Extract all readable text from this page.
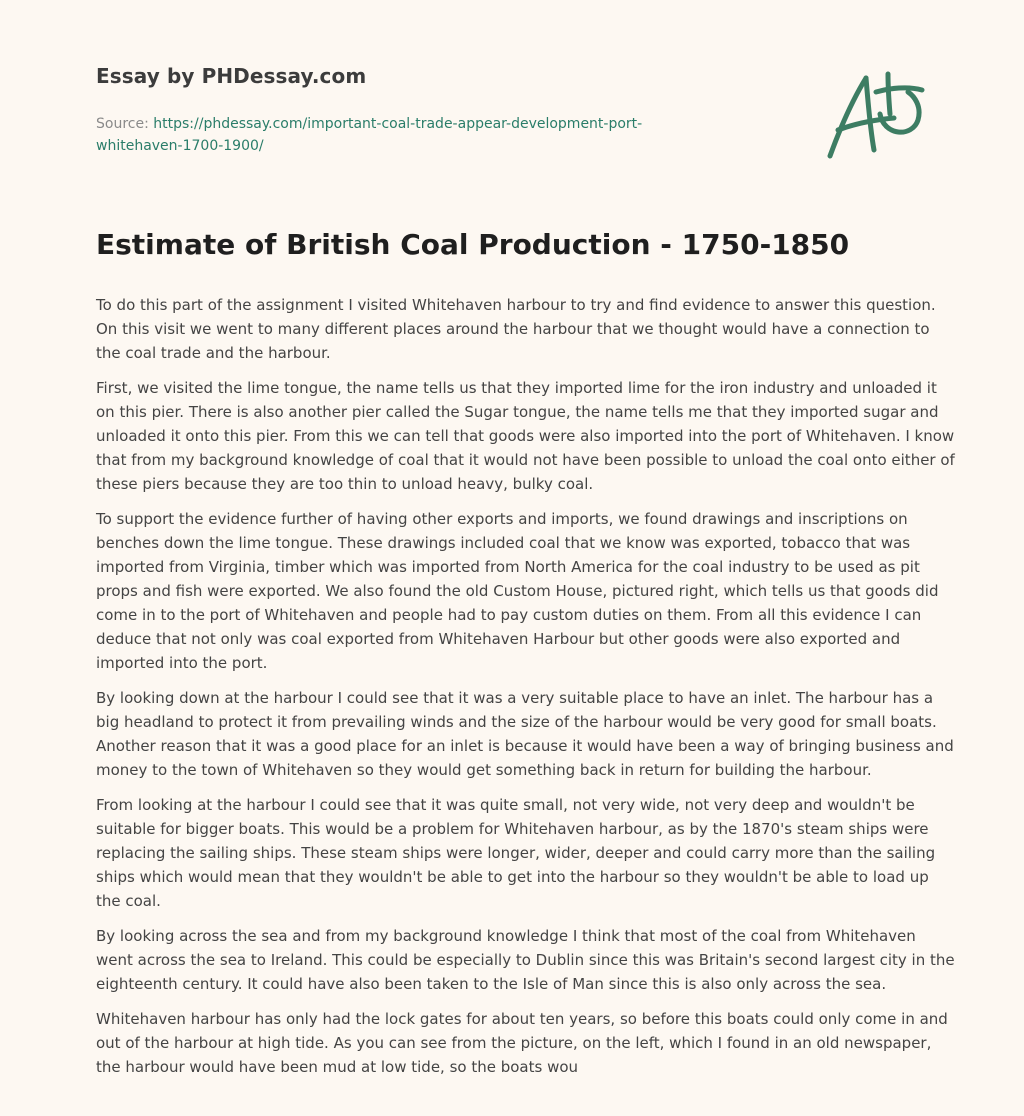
Essay by PHDessay.com
Source: https://phdessay.com/important-coal-trade-appear-development-port-whitehaven-1700-1900/
Estimate of British Coal Production - 1750-1850

To do this part of the assignment I visited Whitehaven harbour to try and find evidence to answer this question. On this visit we went to many different places around the harbour that we thought would have a connection to the coal trade and the harbour.

First, we visited the lime tongue, the name tells us that they imported lime for the iron industry and unloaded it on this pier. There is also another pier called the Sugar tongue, the name tells me that they imported sugar and unloaded it onto this pier. From this we can tell that goods were also imported into the port of Whitehaven. I know that from my background knowledge of coal that it would not have been possible to unload the coal onto either of these piers because they are too thin to unload heavy, bulky coal.

To support the evidence further of having other exports and imports, we found drawings and inscriptions on benches down the lime tongue. These drawings included coal that we know was exported, tobacco that was imported from Virginia, timber which was imported from North America for the coal industry to be used as pit props and fish were exported. We also found the old Custom House, pictured right, which tells us that goods did come in to the port of Whitehaven and people had to pay custom duties on them. From all this evidence I can deduce that not only was coal exported from Whitehaven Harbour but other goods were also exported and imported into the port.

By looking down at the harbour I could see that it was a very suitable place to have an inlet. The harbour has a big headland to protect it from prevailing winds and the size of the harbour would be very good for small boats. Another reason that it was a good place for an inlet is because it would have been a way of bringing business and money to the town of Whitehaven so they would get something back in return for building the harbour.

From looking at the harbour I could see that it was quite small, not very wide, not very deep and wouldn't be suitable for bigger boats. This would be a problem for Whitehaven harbour, as by the 1870's steam ships were replacing the sailing ships. These steam ships were longer, wider, deeper and could carry more than the sailing ships which would mean that they wouldn't be able to get into the harbour so they wouldn't be able to load up the coal.

By looking across the sea and from my background knowledge I think that most of the coal from Whitehaven went across the sea to Ireland. This could be especially to Dublin since this was Britain's second largest city in the eighteenth century. It could have also been taken to the Isle of Man since this is also only across the sea.

Whitehaven harbour has only had the lock gates for about ten years, so before this boats could only come in and out of the harbour at high tide. As you can see from the picture, on the left, which I found in an old newspaper, the harbour would have been mud at low tide, so the boats wou
